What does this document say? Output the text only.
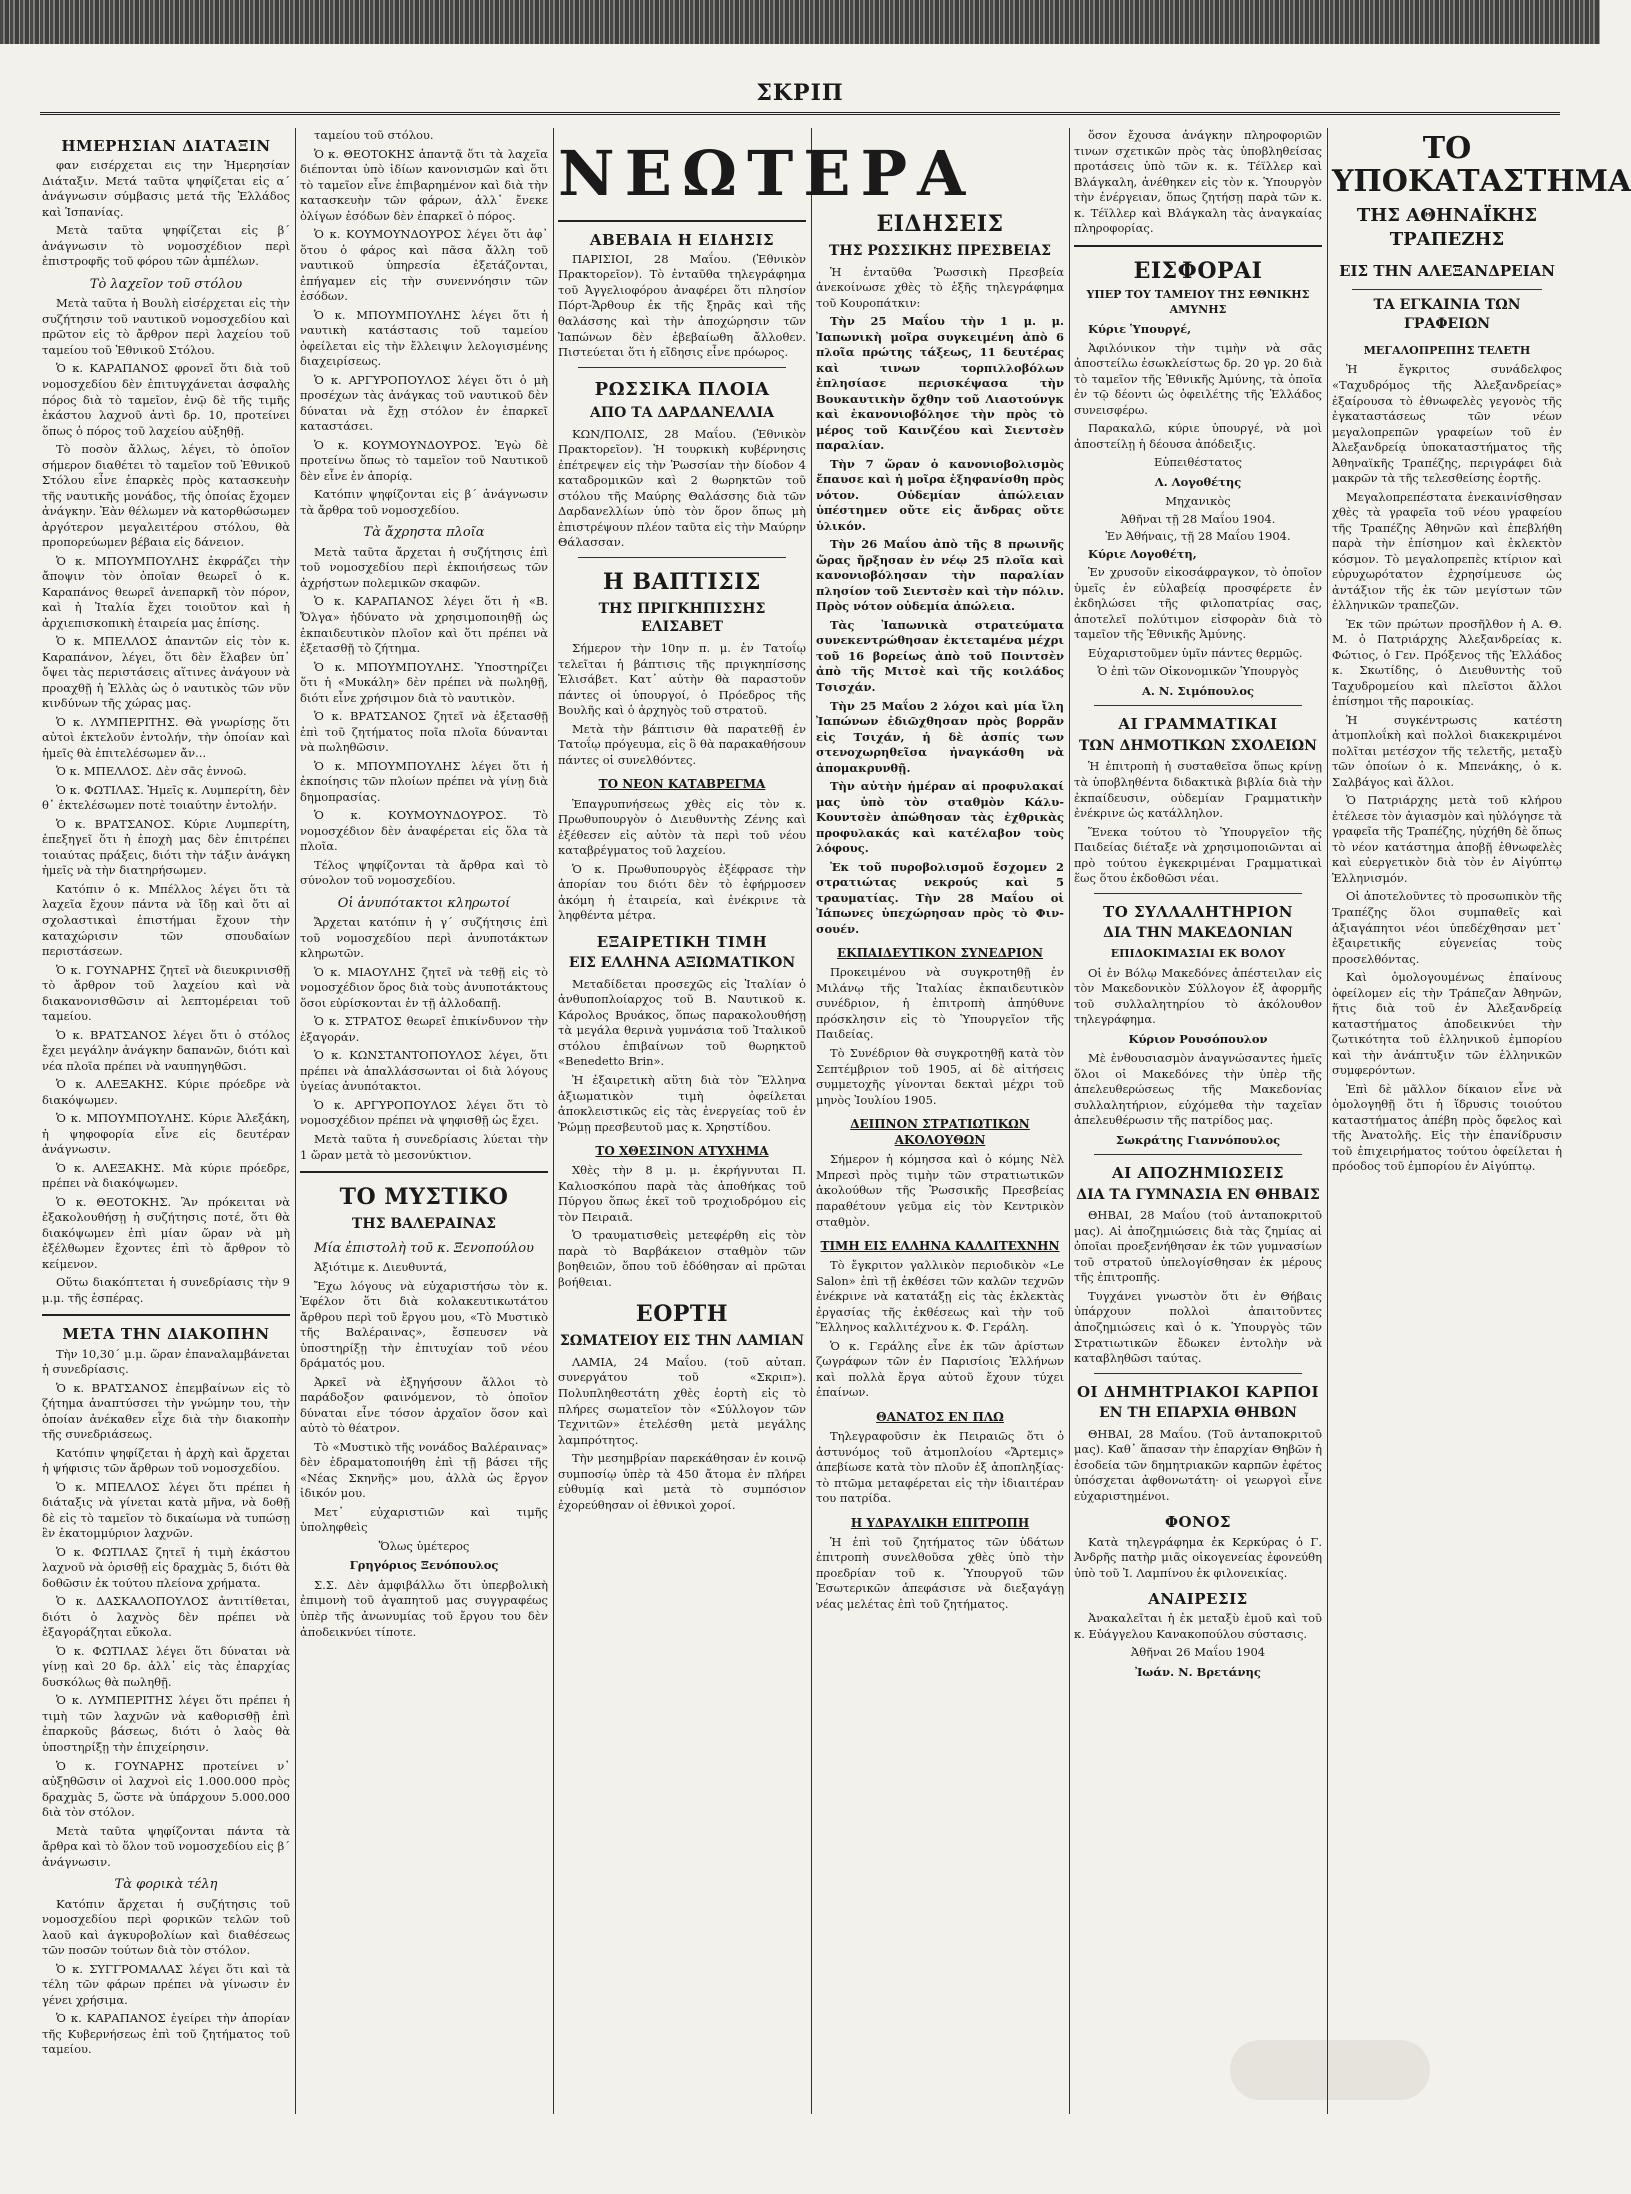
ΣΚΡΙΠ
ΗΜΕΡΗΣΙΑΝ ΔΙΑΤΑΞΙΝ

φαν εισέρχεται εις την Ἡμερησίαν Διάταξιν. Μετά ταῦτα ψηφίζεται εἰς α΄ ἀνάγνωσιν σύμβασις μετά τῆς Ἑλλάδος καὶ Ἱσπανίας.

Μετὰ ταῦτα ψηφίζεται εἰς β΄ ἀνάγνωσιν τὸ νομοσχέδιον περὶ ἐπιστροφῆς τοῦ φόρου τῶν ἀμπέλων.

Τὸ λαχεῖον τοῦ στόλου

Μετὰ ταῦτα ἡ Βουλὴ εἰσέρχεται εἰς τὴν συζήτησιν τοῦ ναυτικοῦ νομοσχεδίου καὶ πρῶτον εἰς τὸ ἄρθρον περὶ λαχείου τοῦ ταμείου τοῦ Ἐθνικοῦ Στόλου.

Ὁ κ. ΚΑΡΑΠΑΝΟΣ φρονεῖ ὅτι διὰ τοῦ νομοσχεδίου δὲν ἐπιτυγχάνεται ἀσφαλὴς πόρος διὰ τὸ ταμεῖον, ἐνῷ δὲ τῆς τιμῆς ἑκάστου λαχνοῦ ἀντὶ δρ. 10, προτείνει ὅπως ὁ πόρος τοῦ λαχείου αὐξηθῇ.

Τὸ ποσὸν ἄλλως, λέγει, τὸ ὁποῖον σήμερον διαθέτει τὸ ταμεῖον τοῦ Ἐθνικοῦ Στόλου εἶνε ἐπαρκὲς πρὸς κατασκευὴν τῆς ναυτικῆς μονάδος, τῆς ὁποίας ἔχομεν ἀνάγκην. Ἐὰν θέλωμεν νὰ κατορθώσωμεν ἀργότερον μεγαλειτέρου στόλου, θὰ προπορεύωμεν βέβαια εἰς δάνειον.

Ὁ κ. ΜΠΟΥΜΠΟΥΛΗΣ ἐκφράζει τὴν ἄποψιν τὸν ὁποῖαν θεωρεῖ ὁ κ. Καραπάνος θεωρεῖ ἀνεπαρκῆ τὸν πόρον, καὶ ἡ Ἰταλία ἔχει τοιοῦτον καὶ ἡ ἀρχιεπισκοπικὴ ἑταιρεία μας ἐπίσης.

Ὁ κ. ΜΠΕΛΛΟΣ ἀπαντῶν εἰς τὸν κ. Καραπάνον, λέγει, ὅτι δὲν ἔλαβεν ὑπ᾽ ὄψει τὰς περιστάσεις αἵτινες ἀνάγουν νὰ προαχθῇ ἡ Ἑλλὰς ὡς ὁ ναυτικὸς τῶν νῦν κινδύνων τῆς χώρας μας.

Ὁ κ. ΛΥΜΠΕΡΙΤΗΣ. Θὰ γνωρίσῃς ὅτι αὐτοὶ ἐκτελοῦν ἐντολήν, τὴν ὁποίαν καὶ ἡμεῖς θὰ ἐπιτελέσωμεν ἄν...

Ὁ κ. ΜΠΕΛΛΟΣ. Δὲν σᾶς ἐννοῶ.

Ὁ κ. ΦΩΤΙΛΑΣ. Ἡμεῖς κ. Λυμπερίτη, δὲν θ᾽ ἐκτελέσωμεν ποτὲ τοιαύτην ἐντολήν.

Ὁ κ. ΒΡΑΤΣΑΝΟΣ. Κύριε Λυμπερίτη, ἐπεξηγεῖ ὅτι ἡ ἐποχὴ μας δὲν ἐπιτρέπει τοιαύτας πράξεις, διότι τὴν τάξιν ἀνάγκη ἡμεῖς νὰ τὴν διατηρήσωμεν.

Κατόπιν ὁ κ. Μπέλλος λέγει ὅτι τὰ λαχεῖα ἔχουν πάντα νὰ ἴδῃ καὶ ὅτι αἱ σχολαστικαὶ ἐπιστήμαι ἔχουν τὴν καταχώρισιν τῶν σπουδαίων περιστάσεων.

Ὁ κ. ΓΟΥΝΑΡΗΣ ζητεῖ νὰ διευκρινισθῇ τὸ ἄρθρον τοῦ λαχείου καὶ νὰ διακανονισθῶσιν αἱ λεπτομέρειαι τοῦ ταμείου.

Ὁ κ. ΒΡΑΤΣΑΝΟΣ λέγει ὅτι ὁ στόλος ἔχει μεγάλην ἀνάγκην δαπανῶν, διότι καὶ νέα πλοῖα πρέπει νὰ ναυπηγηθῶσι.

Ὁ κ. ΑΛΕΞΑΚΗΣ. Κύριε πρόεδρε νὰ διακόψωμεν.

Ὁ κ. ΜΠΟΥΜΠΟΥΛΗΣ. Κύριε Ἀλεξάκη, ἡ ψηφοφορία εἶνε εἰς δευτέραν ἀνάγνωσιν.

Ὁ κ. ΑΛΕΞΑΚΗΣ. Μὰ κύριε πρόεδρε, πρέπει νὰ διακόψωμεν.

Ὁ κ. ΘΕΟΤΟΚΗΣ. Ἂν πρόκειται νὰ ἐξακολουθήσῃ ἡ συζήτησις ποτέ, ὅτι θὰ διακόψωμεν ἐπὶ μίαν ὥραν νὰ μὴ ἐξέλθωμεν ἔχοντες ἐπὶ τὸ ἄρθρον τὸ κείμενον.

Οὕτω διακόπτεται ἡ συνεδρίασις τὴν 9 μ.μ. τῆς ἑσπέρας.

ΜΕΤΑ ΤΗΝ ΔΙΑΚΟΠΗΝ

Τὴν 10,30΄ μ.μ. ὥραν ἐπαναλαμβάνεται ἡ συνεδρίασις.

Ὁ κ. ΒΡΑΤΣΑΝΟΣ ἐπεμβαίνων εἰς τὸ ζήτημα ἀναπτύσσει τὴν γνώμην του, τὴν ὁποίαν ἀνέκαθεν εἶχε διὰ τὴν διακοπὴν τῆς συνεδριάσεως.

Κατόπιν ψηφίζεται ἡ ἀρχὴ καὶ ἄρχεται ἡ ψήφισις τῶν ἄρθρων τοῦ νομοσχεδίου.

Ὁ κ. ΜΠΕΛΛΟΣ λέγει ὅτι πρέπει ἡ διάταξις νὰ γίνεται κατὰ μῆνα, νὰ δοθῇ δὲ εἰς τὸ ταμεῖον τὸ δικαίωμα νὰ τυπώσῃ ἓν ἑκατομμύριον λαχνῶν.

Ὁ κ. ΦΩΤΙΛΑΣ ζητεῖ ἡ τιμὴ ἑκάστου λαχνοῦ νὰ ὁρισθῇ εἰς δραχμὰς 5, διότι θὰ δοθῶσιν ἐκ τούτου πλείονα χρήματα.

Ὁ κ. ΔΑΣΚΑΛΟΠΟΥΛΟΣ ἀντιτίθεται, διότι ὁ λαχνὸς δὲν πρέπει νὰ ἐξαγοράζηται εὔκολα.

Ὁ κ. ΦΩΤΙΛΑΣ λέγει ὅτι δύναται νὰ γίνῃ καὶ 20 δρ. ἀλλ᾽ εἰς τὰς ἐπαρχίας δυσκόλως θὰ πωληθῇ.

Ὁ κ. ΛΥΜΠΕΡΙΤΗΣ λέγει ὅτι πρέπει ἡ τιμὴ τῶν λαχνῶν νὰ καθορισθῇ ἐπὶ ἐπαρκοῦς βάσεως, διότι ὁ λαὸς θὰ ὑποστηρίξῃ τὴν ἐπιχείρησιν.

Ὁ κ. ΓΟΥΝΑΡΗΣ προτείνει ν᾽ αὐξηθῶσιν οἱ λαχνοὶ εἰς 1.000.000 πρὸς δραχμὰς 5, ὥστε νὰ ὑπάρχουν 5.000.000 διὰ τὸν στόλον.

Μετὰ ταῦτα ψηφίζονται πάντα τὰ ἄρθρα καὶ τὸ ὅλον τοῦ νομοσχεδίου εἰς β΄ ἀνάγνωσιν.

Τὰ φορικὰ τέλη

Κατόπιν ἄρχεται ἡ συζήτησις τοῦ νομοσχεδίου περὶ φορικῶν τελῶν τοῦ λαοῦ καὶ ἀγκυροβολίων καὶ διαθέσεως τῶν ποσῶν τούτων διὰ τὸν στόλον.

Ὁ κ. ΣΥΓΓΡΟΜΑΛΑΣ λέγει ὅτι καὶ τὰ τέλη τῶν φάρων πρέπει νὰ γίνωσιν ἐν γένει χρήσιμα.

Ὁ κ. ΚΑΡΑΠΑΝΟΣ ἐγείρει τὴν ἀπορίαν τῆς Κυβερνήσεως ἐπὶ τοῦ ζητήματος τοῦ ταμείου.

ταμείου τοῦ στόλου.

Ὁ κ. ΘΕΟΤΟΚΗΣ ἀπαντᾷ ὅτι τὰ λαχεῖα διέπονται ὑπὸ ἰδίων κανονισμῶν καὶ ὅτι τὸ ταμεῖον εἶνε ἐπιβαρημένον καὶ διὰ τὴν κατασκευὴν τῶν φάρων, ἀλλ᾽ ἔνεκε ὀλίγων ἐσόδων δὲν ἐπαρκεῖ ὁ πόρος.

Ὁ κ. ΚΟΥΜΟΥΝΔΟΥΡΟΣ λέγει ὅτι ἀφ᾽ ὅτου ὁ φάρος καὶ πᾶσα ἄλλη τοῦ ναυτικοῦ ὑπηρεσία ἐξετάζονται, ἐπήγαμεν εἰς τὴν συνεννόησιν τῶν ἐσόδων.

Ὁ κ. ΜΠΟΥΜΠΟΥΛΗΣ λέγει ὅτι ἡ ναυτικὴ κατάστασις τοῦ ταμείου ὀφείλεται εἰς τὴν ἔλλειψιν λελογισμένης διαχειρίσεως.

Ὁ κ. ΑΡΓΥΡΟΠΟΥΛΟΣ λέγει ὅτι ὁ μὴ προσέχων τὰς ἀνάγκας τοῦ ναυτικοῦ δὲν δύναται νὰ ἔχῃ στόλον ἐν ἐπαρκεῖ καταστάσει.

Ὁ κ. ΚΟΥΜΟΥΝΔΟΥΡΟΣ. Ἐγὼ δὲ προτείνω ὅπως τὸ ταμεῖον τοῦ Ναυτικοῦ δὲν εἶνε ἐν ἀπορίᾳ.

Κατόπιν ψηφίζονται εἰς β΄ ἀνάγνωσιν τὰ ἄρθρα τοῦ νομοσχεδίου.

Τὰ ἄχρηστα πλοῖα

Μετὰ ταῦτα ἄρχεται ἡ συζήτησις ἐπὶ τοῦ νομοσχεδίου περὶ ἐκποιήσεως τῶν ἀχρήστων πολεμικῶν σκαφῶν.

Ὁ κ. ΚΑΡΑΠΑΝΟΣ λέγει ὅτι ἡ «Β. Ὄλγα» ἠδύνατο νὰ χρησιμοποιηθῇ ὡς ἐκπαιδευτικὸν πλοῖον καὶ ὅτι πρέπει νὰ ἐξετασθῇ τὸ ζήτημα.

Ὁ κ. ΜΠΟΥΜΠΟΥΛΗΣ. Ὑποστηρίζει ὅτι ἡ «Μυκάλη» δὲν πρέπει νὰ πωληθῇ, διότι εἶνε χρήσιμον διὰ τὸ ναυτικὸν.

Ὁ κ. ΒΡΑΤΣΑΝΟΣ ζητεῖ νὰ ἐξετασθῇ ἐπὶ τοῦ ζητήματος ποῖα πλοῖα δύνανται νὰ πωληθῶσιν.

Ὁ κ. ΜΠΟΥΜΠΟΥΛΗΣ λέγει ὅτι ἡ ἐκποίησις τῶν πλοίων πρέπει νὰ γίνῃ διὰ δημοπρασίας.

Ὁ κ. ΚΟΥΜΟΥΝΔΟΥΡΟΣ. Τὸ νομοσχέδιον δὲν ἀναφέρεται εἰς ὅλα τὰ πλοῖα.

Τέλος ψηφίζονται τὰ ἄρθρα καὶ τὸ σύνολον τοῦ νομοσχεδίου.

Οἱ ἀνυπότακτοι κληρωτοί

Ἄρχεται κατόπιν ἡ γ΄ συζήτησις ἐπὶ τοῦ νομοσχεδίου περὶ ἀνυποτάκτων κληρωτῶν.

Ὁ κ. ΜΙΑΟΥΛΗΣ ζητεῖ νὰ τεθῇ εἰς τὸ νομοσχέδιον ὅρος διὰ τοὺς ἀνυποτάκτους ὅσοι εὑρίσκονται ἐν τῇ ἀλλοδαπῇ.

Ὁ κ. ΣΤΡΑΤΟΣ θεωρεῖ ἐπικίνδυνον τὴν ἐξαγοράν.

Ὁ κ. ΚΩΝΣΤΑΝΤΟΠΟΥΛΟΣ λέγει, ὅτι πρέπει νὰ ἀπαλλάσσωνται οἱ διὰ λόγους ὑγείας ἀνυπότακτοι.

Ὁ κ. ΑΡΓΥΡΟΠΟΥΛΟΣ λέγει ὅτι τὸ νομοσχέδιον πρέπει νὰ ψηφισθῇ ὡς ἔχει.

Μετὰ ταῦτα ἡ συνεδρίασις λύεται τὴν 1 ὥραν μετὰ τὸ μεσονύκτιον.

ΤΟ ΜΥΣΤΙΚΟ
ΤΗΣ ΒΑΛΕΡΑΙΝΑΣ
Μία ἐπιστολὴ τοῦ κ. Ξενοπούλου

Ἀξιότιμε κ. Διευθυντά,

Ἔχω λόγους νὰ εὐχαριστήσω τὸν κ. Ἐφέλον ὅτι διὰ κολακευτικωτάτου ἄρθρου περὶ τοῦ ἔργου μου, «Τὸ Μυστικὸ τῆς Βαλέραινας», ἔσπευσεν νὰ ὑποστηρίξῃ τὴν ἐπιτυχίαν τοῦ νέου δράματός μου.

Ἀρκεῖ νὰ ἐξηγήσουν ἄλλοι τὸ παράδοξον φαινόμενον, τὸ ὁποῖον δύναται εἶνε τόσον ἀρχαῖον ὅσον καὶ αὐτὸ τὸ θέατρον.

Τὸ «Μυστικὸ τῆς νονάδος Βαλέραινας» δὲν ἐδραματοποιήθη ἐπὶ τῇ βάσει τῆς «Νέας Σκηνῆς» μου, ἀλλὰ ὡς ἔργον ἰδικόν μου.

Μετ᾽ εὐχαριστιῶν καὶ τιμῆς ὑποληφθεὶς

Ὅλως ὑμέτερος
Γρηγόριος Ξενόπουλος

Σ.Σ. Δὲν ἀμφιβάλλω ὅτι ὑπερβολικὴ ἐπιμονὴ τοῦ ἀγαπητοῦ μας συγγραφέως ὑπὲρ τῆς ἀνωνυμίας τοῦ ἔργου του δὲν ἀποδεικνύει τίποτε.

ΝΕΩΤΕΡΑ
ΑΒΕΒΑΙΑ Η ΕΙΔΗΣΙΣ

ΠΑΡΙΣΙΟΙ, 28 Μαΐου. (Ἐθνικὸν Πρακτορεῖον). Τὸ ἐνταῦθα τηλεγράφημα τοῦ Ἀγγελιοφόρου ἀναφέρει ὅτι πλησίον Πόρτ-Ἄρθουρ ἐκ τῆς ξηρᾶς καὶ τῆς θαλάσσης καὶ τὴν ἀποχώρησιν τῶν Ἰαπώνων δὲν ἐβεβαίωθη ἄλλοθεν. Πιστεύεται ὅτι ἡ εἴδησις εἶνε πρόωρος.

ΡΩΣΣΙΚΑ ΠΛΟΙΑ
ΑΠΟ ΤΑ ΔΑΡΔΑΝΕΛΛΙΑ

ΚΩΝ/ΠΟΛΙΣ, 28 Μαΐου. (Ἐθνικὸν Πρακτορεῖον). Ἡ τουρκικὴ κυβέρνησις ἐπέτρεψεν εἰς τὴν Ῥωσσίαν τὴν δίοδον 4 καταδρομικῶν καὶ 2 θωρηκτῶν τοῦ στόλου τῆς Μαύρης Θαλάσσης διὰ τῶν Δαρδανελλίων ὑπὸ τὸν ὅρον ὅπως μὴ ἐπιστρέψουν πλέον ταῦτα εἰς τὴν Μαύρην Θάλασσαν.

Η ΒΑΠΤΙΣΙΣ
ΤΗΣ ΠΡΙΓΚΗΠΙΣΣΗΣ ΕΛΙΣΑΒΕΤ

Σήμερον τὴν 10ην π. μ. ἐν Τατοΐῳ τελεῖται ἡ βάπτισις τῆς πριγκηπίσσης Ἐλισάβετ. Κατ᾽ αὐτὴν θὰ παραστοῦν πάντες οἱ ὑπουργοί, ὁ Πρόεδρος τῆς Βουλῆς καὶ ὁ ἀρχηγὸς τοῦ στρατοῦ.

Μετὰ τὴν βάπτισιν θὰ παρατεθῇ ἐν Τατοΐῳ πρόγευμα, εἰς ὃ θὰ παρακαθήσουν πάντες οἱ συνελθόντες.

ΤΟ ΝΕΟΝ ΚΑΤΑΒΡΕΓΜΑ

Ἐπαγρυπνήσεως χθὲς εἰς τὸν κ. Πρωθυπουργὸν ὁ Διευθυντὴς Ζένης καὶ ἐξέθεσεν εἰς αὐτὸν τὰ περὶ τοῦ νέου καταβρέγματος τοῦ λαχείου.

Ὁ κ. Πρωθυπουργὸς ἐξέφρασε τὴν ἀπορίαν του διότι δὲν τὸ ἐφήρμοσεν ἀκόμη ἡ ἐταιρεία, καὶ ἐνέκρινε τὰ ληφθέντα μέτρα.

ΕΞΑΙΡΕΤΙΚΗ ΤΙΜΗ
ΕΙΣ ΕΛΛΗΝΑ ΑΞΙΩΜΑΤΙΚΟΝ

Μεταδίδεται προσεχῶς εἰς Ἰταλίαν ὁ ἀνθυποπλοίαρχος τοῦ Β. Ναυτικοῦ κ. Κάρολος Βρυάκος, ὅπως παρακολουθήσῃ τὰ μεγάλα θερινὰ γυμνάσια τοῦ Ἰταλικοῦ στόλου ἐπιβαίνων τοῦ θωρηκτοῦ «Benedetto Brin».

Ἡ ἐξαιρετικὴ αὕτη διὰ τὸν Ἕλληνα ἀξιωματικὸν τιμὴ ὀφείλεται ἀποκλειστικῶς εἰς τὰς ἐνεργείας τοῦ ἐν Ῥώμῃ πρεσβευτοῦ μας κ. Χρηστίδου.

ΤΟ ΧΘΕΣΙΝΟΝ ΑΤΥΧΗΜΑ

Χθὲς τὴν 8 μ. μ. ἐκρήγνυται Π. Καλιοσκόπου παρὰ τὰς ἀποθήκας τοῦ Πύργου ὅπως ἐκεῖ τοῦ τροχιοδρόμου εἰς τὸν Πειραιᾶ.

Ὁ τραυματισθεὶς μετεφέρθη εἰς τὸν παρὰ τὸ Βαρβάκειον σταθμὸν τῶν βοηθειῶν, ὅπου τοῦ ἐδόθησαν αἱ πρῶται βοήθειαι.

ΕΟΡΤΗ
ΣΩΜΑΤΕΙΟΥ ΕΙΣ ΤΗΝ ΛΑΜΙΑΝ

ΛΑΜΙΑ, 24 Μαΐου. (τοῦ αὐταπ. συνεργάτου τοῦ «Σκριπ»). Πολυπληθεστάτη χθὲς ἑορτὴ εἰς τὸ πλήρες σωματεῖον τὸν «Σύλλογον τῶν Τεχνιτῶν» ἐτελέσθη μετὰ μεγάλης λαμπρότητος.

Τὴν μεσημβρίαν παρεκάθησαν ἐν κοινῷ συμποσίῳ ὑπὲρ τὰ 450 ἄτομα ἐν πλήρει εὐθυμίᾳ καὶ μετὰ τὸ συμπόσιον ἐχορεύθησαν οἱ ἐθνικοὶ χοροί.

ΕΙΔΗΣΕΙΣ
ΤΗΣ ΡΩΣΣΙΚΗΣ ΠΡΕΣΒΕΙΑΣ

Ἡ ἐνταῦθα Ῥωσσικὴ Πρεσβεία ἀνεκοίνωσε χθὲς τὸ ἑξῆς τηλεγράφημα τοῦ Κουροπάτκιν:

Τὴν 25 Μαΐου τὴν 1 μ. μ. Ἰαπωνικὴ μοῖρα συγκειμένη ἀπὸ 6 πλοῖα πρώτης τάξεως, 11 δευτέρας καὶ τινων τορπιλλοβόλων ἐπλησίασε περισκέψασα τὴν Βουκαυτικὴν ὄχθην τοῦ Λιαοτούνγκ καὶ ἐκανονιοβόλησε τὴν πρὸς τὸ μέρος τοῦ Καινζέου καὶ Σιεντσὲν παραλίαν.

Τὴν 7 ὥραν ὁ κανονιοβολισμὸς ἔπαυσε καὶ ἡ μοῖρα ἐξηφανίσθη πρὸς νότον. Οὐδεμίαν ἀπώλειαν ὑπέστημεν οὔτε εἰς ἄνδρας οὔτε ὑλικόν.

Τὴν 26 Μαΐου ἀπὸ τῆς 8 πρωινῆς ὥρας ἤρξησαν ἐν νέῳ 25 πλοῖα καὶ κανονιοβόλησαν τὴν παραλίαν πλησίον τοῦ Σιεντσὲν καὶ τὴν πόλιν. Πρὸς νότον οὐδεμία ἀπώλεια.

Τὰς Ἰαπωνικὰ στρατεύματα συνεκεντρώθησαν ἐκτεταμένα μέχρι τοῦ 16 βορείως ἀπὸ τοῦ Ποιντσὲν ἀπὸ τῆς Μιτσὲ καὶ τῆς κοιλάδος Τσισχάν.

Τὴν 25 Μαΐου 2 λόχοι καὶ μία ἴλη Ἰαπώνων ἐδιῶχθησαν πρὸς βορρᾶν εἰς Τσιχάν, ἡ δὲ ἀσπίς των στενοχωρηθεῖσα ἠναγκάσθη νὰ ἀπομακρυνθῇ.

Τὴν αὐτὴν ἡμέραν αἱ προφυλακαί μας ὑπὸ τὸν σταθμὸν Κάλυ-Κουντσὲν ἀπώθησαν τὰς ἐχθρικὰς προφυλακάς καὶ κατέλαβον τοὺς λόφους.

Ἐκ τοῦ πυροβολισμοῦ ἔσχομεν 2 στρατιώτας νεκρούς καὶ 5 τραυματίας. Τὴν 28 Μαΐου οἱ Ἰάπωνες ὑπεχώρησαν πρὸς τὸ Φιν-σουέν.

ΕΚΠΑΙΔΕΥΤΙΚΟΝ ΣΥΝΕΔΡΙΟΝ

Προκειμένου νὰ συγκροτηθῇ ἐν Μιλάνῳ τῆς Ἰταλίας ἐκπαιδευτικὸν συνέδριον, ἡ ἐπιτροπὴ ἀπηύθυνε πρόσκλησιν εἰς τὸ Ὑπουργεῖον τῆς Παιδείας.

Τὸ Συνέδριον θὰ συγκροτηθῇ κατὰ τὸν Σεπτέμβριον τοῦ 1905, αἱ δὲ αἰτήσεις συμμετοχῆς γίνονται δεκταὶ μέχρι τοῦ μηνὸς Ἰουλίου 1905.

ΔΕΙΠΝΟΝ ΣΤΡΑΤΙΩΤΙΚΩΝ ΑΚΟΛΟΥΘΩΝ

Σήμερον ἡ κόμησσα καὶ ὁ κόμης Νὲλ Μπρεσὶ πρὸς τιμὴν τῶν στρατιωτικῶν ἀκολούθων τῆς Ῥωσσικῆς Πρεσβείας παραθέτουν γεῦμα εἰς τὸν Κεντρικὸν σταθμὸν.

ΤΙΜΗ ΕΙΣ ΕΛΛΗΝΑ ΚΑΛΛΙΤΕΧΝΗΝ

Τὸ ἔγκριτον γαλλικὸν περιοδικὸν «Le Salon» ἐπὶ τῇ ἐκθέσει τῶν καλῶν τεχνῶν ἐνέκρινε νὰ κατατάξῃ εἰς τὰς ἐκλεκτὰς ἐργασίας τῆς ἐκθέσεως καὶ τὴν τοῦ Ἕλληνος καλλιτέχνου κ. Φ. Γεράλη.

Ὁ κ. Γεράλης εἶνε ἐκ τῶν ἀρίστων ζωγράφων τῶν ἐν Παρισίοις Ἑλλήνων καὶ πολλὰ ἔργα αὐτοῦ ἔχουν τύχει ἐπαίνων.

ΘΑΝΑΤΟΣ ΕΝ ΠΛΩ

Τηλεγραφοῦσιν ἐκ Πειραιῶς ὅτι ὁ ἀστυνόμος τοῦ ἀτμοπλοίου «Ἄρτεμις» ἀπεβίωσε κατὰ τὸν πλοῦν ἐξ ἀποπληξίας· τὸ πτῶμα μεταφέρεται εἰς τὴν ἰδιαιτέραν του πατρίδα.

Η ΥΔΡΑΥΛΙΚΗ ΕΠΙΤΡΟΠΗ

Ἡ ἐπὶ τοῦ ζητήματος τῶν ὑδάτων ἐπιτροπὴ συνελθοῦσα χθὲς ὑπὸ τὴν προεδρίαν τοῦ κ. Ὑπουργοῦ τῶν Ἐσωτερικῶν ἀπεφάσισε νὰ διεξαγάγῃ νέας μελέτας ἐπὶ τοῦ ζητήματος.

ὅσον ἔχουσα ἀνάγκην πληροφοριῶν τινων σχετικῶν πρὸς τὰς ὑποβληθείσας προτάσεις ὑπὸ τῶν κ. κ. Τέϊλλερ καὶ Βλάγκαλη, ἀνέθηκεν εἰς τὸν κ. Ὑπουργὸν τὴν ἐνέργειαν, ὅπως ζητήσῃ παρὰ τῶν κ. κ. Τέϊλλερ καὶ Βλάγκαλη τὰς ἀναγκαίας πληροφορίας.

ΕΙΣΦΟΡΑΙ
ΥΠΕΡ ΤΟΥ ΤΑΜΕΙΟΥ ΤΗΣ ΕΘΝΙΚΗΣ ΑΜΥΝΗΣ

Κύριε Ὑπουργέ,

Ἀφιλόνικον τὴν τιμὴν νὰ σᾶς ἀποστείλω ἐσωκλείστως δρ. 20 γρ. 20 διὰ τὸ ταμεῖον τῆς Ἐθνικῆς Ἀμύνης, τὰ ὁποῖα ἐν τῷ δέοντι ὡς ὀφειλέτης τῆς Ἑλλάδος συνεισφέρω.

Παρακαλῶ, κύριε ὑπουργέ, νὰ μοὶ ἀποστείλῃ ἡ δέουσα ἀπόδειξις.

Εὐπειθέστατος
Λ. Λογοθέτης
Μηχανικὸς
Ἀθῆναι τῇ 28 Μαΐου 1904.
Ἐν Ἀθήναις, τῇ 28 Μαΐου 1904.

Κύριε Λογοθέτη,

Ἐν χρυσοῦν εἰκοσάφραγκον, τὸ ὁποῖον ὑμεῖς ἐν εὐλαβείᾳ προσφέρετε ἐν ἐκδηλώσει τῆς φιλοπατρίας σας, ἀποτελεῖ πολύτιμον εἰσφορὰν διὰ τὸ ταμεῖον τῆς Ἐθνικῆς Ἀμύνης.

Εὐχαριστοῦμεν ὑμῖν πάντες θερμῶς.

Ὁ ἐπὶ τῶν Οἰκονομικῶν Ὑπουργὸς
Α. Ν. Σιμόπουλος
ΑΙ ΓΡΑΜΜΑΤΙΚΑΙ
ΤΩΝ ΔΗΜΟΤΙΚΩΝ ΣΧΟΛΕΙΩΝ

Ἡ ἐπιτροπὴ ἡ συσταθεῖσα ὅπως κρίνῃ τὰ ὑποβληθέντα διδακτικὰ βιβλία διὰ τὴν ἐκπαίδευσιν, οὐδεμίαν Γραμματικὴν ἐνέκρινε ὡς κατάλληλον.

Ἕνεκα τούτου τὸ Ὑπουργεῖον τῆς Παιδείας διέταξε νὰ χρησιμοποιῶνται αἱ πρὸ τούτου ἐγκεκριμέναι Γραμματικαὶ ἕως ὅτου ἐκδοθῶσι νέαι.

ΤΟ ΣΥΛΛΑΛΗΤΗΡΙΟΝ
ΔΙΑ ΤΗΝ ΜΑΚΕΔΟΝΙΑΝ
ΕΠΙΔΟΚΙΜΑΣΙΑΙ ΕΚ ΒΟΛΟΥ

Οἱ ἐν Βόλῳ Μακεδόνες ἀπέστειλαν εἰς τὸν Μακεδονικὸν Σύλλογον ἐξ ἀφορμῆς τοῦ συλλαλητηρίου τὸ ἀκόλουθον τηλεγράφημα.

Κύριον Ρουσόπουλον

Μὲ ἐνθουσιασμὸν ἀναγνώσαντες ἡμεῖς ὅλοι οἱ Μακεδόνες τὴν ὑπὲρ τῆς ἀπελευθερώσεως τῆς Μακεδονίας συλλαλητήριον, εὐχόμεθα τὴν ταχεῖαν ἀπελευθέρωσιν τῆς πατρίδος μας.

Σωκράτης Γιαννόπουλος
ΑΙ ΑΠΟΖΗΜΙΩΣΕΙΣ
ΔΙΑ ΤΑ ΓΥΜΝΑΣΙΑ ΕΝ ΘΗΒΑΙΣ

ΘΗΒΑΙ, 28 Μαΐου (τοῦ ἀνταποκριτοῦ μας). Αἱ ἀποζημιώσεις διὰ τὰς ζημίας αἱ ὁποῖαι προεξενήθησαν ἐκ τῶν γυμνασίων τοῦ στρατοῦ ὑπελογίσθησαν ἐκ μέρους τῆς ἐπιτροπῆς.

Τυγχάνει γνωστὸν ὅτι ἐν Θήβαις ὑπάρχουν πολλοὶ ἀπαιτοῦντες ἀποζημιώσεις καὶ ὁ κ. Ὑπουργὸς τῶν Στρατιωτικῶν ἔδωκεν ἐντολὴν νὰ καταβληθῶσι ταύτας.

ΟΙ ΔΗΜΗΤΡΙΑΚΟΙ ΚΑΡΠΟΙ
ΕΝ ΤΗ ΕΠΑΡΧΙΑ ΘΗΒΩΝ

ΘΗΒΑΙ, 28 Μαΐου. (Τοῦ ἀνταποκριτοῦ μας). Καθ᾽ ἅπασαν τὴν ἐπαρχίαν Θηβῶν ἡ ἐσοδεία τῶν δημητριακῶν καρπῶν ἐφέτος ὑπόσχεται ἀφθονωτάτη· οἱ γεωργοὶ εἶνε εὐχαριστημένοι.

ΦΟΝΟΣ

Κατὰ τηλεγράφημα ἐκ Κερκύρας ὁ Γ. Ἀνδρῆς πατὴρ μιᾶς οἰκογενείας ἐφονεύθη ὑπὸ τοῦ Ἰ. Λαμπίνου ἐκ φιλονεικίας.

ΑΝΑΙΡΕΣΙΣ

Ἀνακαλεῖται ἡ ἐκ μεταξὺ ἐμοῦ καὶ τοῦ κ. Εὐάγγελου Κανακοπούλου σύστασις.

Ἀθῆναι 26 Μαΐου 1904
Ἰωάν. Ν. Βρετάνης
ΤΟ ΥΠΟΚΑΤΑΣΤΗΜΑ
ΤΗΣ ΑΘΗΝΑΪΚΗΣ ΤΡΑΠΕΖΗΣ
ΕΙΣ ΤΗΝ ΑΛΕΞΑΝΔΡΕΙΑΝ
ΤΑ ΕΓΚΑΙΝΙΑ ΤΩΝ ΓΡΑΦΕΙΩΝ
ΜΕΓΑΛΟΠΡΕΠΗΣ ΤΕΛΕΤΗ

Ἡ ἔγκριτος συνάδελφος «Ταχυδρόμος τῆς Ἀλεξανδρείας» ἐξαίρουσα τὸ ἐθνωφελὲς γεγονὸς τῆς ἐγκαταστάσεως τῶν νέων μεγαλοπρεπῶν γραφείων τοῦ ἐν Ἀλεξανδρείᾳ ὑποκαταστήματος τῆς Ἀθηναϊκῆς Τραπέζης, περιγράφει διὰ μακρῶν τὰ τῆς τελεσθείσης ἑορτῆς.

Μεγαλοπρεπέστατα ἐνεκαινίσθησαν χθὲς τὰ γραφεῖα τοῦ νέου γραφείου τῆς Τραπέζης Ἀθηνῶν καὶ ἐπεβλήθη παρὰ τὴν ἐπίσημον καὶ ἐκλεκτὸν κόσμον. Τὸ μεγαλοπρεπὲς κτίριον καὶ εὐρυχωρότατον ἐχρησίμευσε ὡς ἀντάξιον τῆς ἐκ τῶν μεγίστων τῶν ἑλληνικῶν τραπεζῶν.

Ἐκ τῶν πρώτων προσῆλθον ἡ Α. Θ. Μ. ὁ Πατριάρχης Ἀλεξανδρείας κ. Φώτιος, ὁ Γεν. Πρόξενος τῆς Ἑλλάδος κ. Σκωτίδης, ὁ Διευθυντὴς τοῦ Ταχυδρομείου καὶ πλεῖστοι ἄλλοι ἐπίσημοι τῆς παροικίας.

Ἡ συγκέντρωσις κατέστη ἀτμοπλοΐκὴ καὶ πολλοὶ διακεκριμένοι πολῖται μετέσχον τῆς τελετῆς, μεταξὺ τῶν ὁποίων ὁ κ. Μπενάκης, ὁ κ. Σαλβάγος καὶ ἄλλοι.

Ὁ Πατριάρχης μετὰ τοῦ κλήρου ἐτέλεσε τὸν ἁγιασμὸν καὶ ηὐλόγησε τὰ γραφεῖα τῆς Τραπέζης, ηὐχήθη δὲ ὅπως τὸ νέον κατάστημα ἀποβῇ ἐθνωφελὲς καὶ εὐεργετικὸν διὰ τὸν ἐν Αἰγύπτῳ Ἑλληνισμόν.

Οἱ ἀποτελοῦντες τὸ προσωπικὸν τῆς Τραπέζης ὅλοι συμπαθεῖς καὶ ἀξιαγάπητοι νέοι ὑπεδέχθησαν μετ᾽ ἐξαιρετικῆς εὐγενείας τοὺς προσελθόντας.

Καὶ ὁμολογουμένως ἐπαίνους ὀφείλομεν εἰς τὴν Τράπεζαν Ἀθηνῶν, ἥτις διὰ τοῦ ἐν Ἀλεξανδρείᾳ καταστήματος ἀποδεικνύει τὴν ζωτικότητα τοῦ ἑλληνικοῦ ἐμπορίου καὶ τὴν ἀνάπτυξιν τῶν ἑλληνικῶν συμφερόντων.

Ἐπὶ δὲ μᾶλλον δίκαιον εἶνε νὰ ὁμολογηθῇ ὅτι ἡ ἵδρυσις τοιούτου καταστήματος ἀπέβη πρὸς ὄφελος καὶ τῆς Ἀνατολῆς. Εἰς τὴν ἐπανίδρυσιν τοῦ ἐπιχειρήματος τούτου ὀφείλεται ἡ πρόοδος τοῦ ἐμπορίου ἐν Αἰγύπτῳ.
